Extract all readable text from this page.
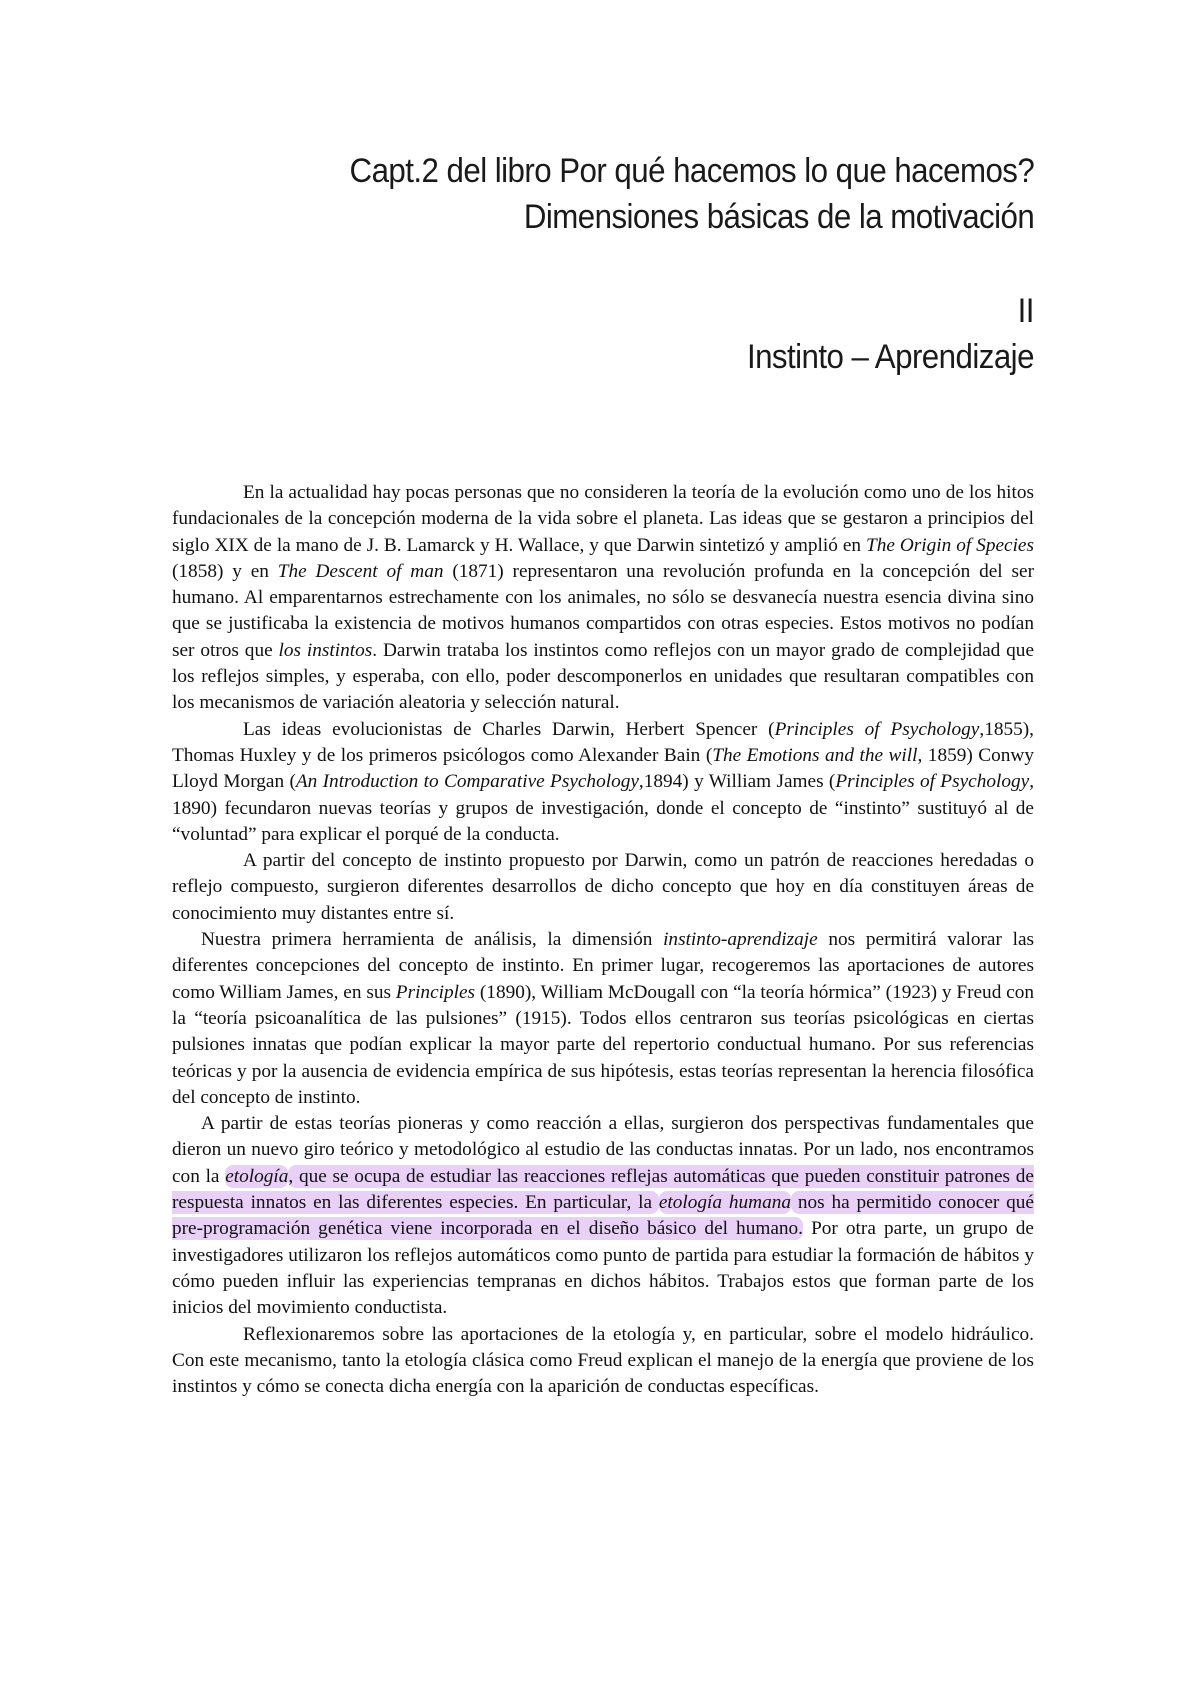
Capt.2 del libro Por qué hacemos lo que hacemos?
Dimensiones básicas de la motivación
II
Instinto – Aprendizaje

En la actualidad hay pocas personas que no consideren la teoría de la evolución como uno de los hitos fundacionales de la concepción moderna de la vida sobre el planeta. Las ideas que se gestaron a principios del siglo XIX de la mano de J. B. Lamarck y H. Wallace, y que Darwin sintetizó y amplió en The Origin of Species (1858) y en The Descent of man (1871) representaron una revolución profunda en la concepción del ser humano. Al emparentarnos estrechamente con los animales, no sólo se desvanecía nuestra esencia divina sino que se justificaba la existencia de motivos humanos compartidos con otras especies. Estos motivos no podían ser otros que los instintos. Darwin trataba los instintos como reflejos con un mayor grado de complejidad que los reflejos simples, y esperaba, con ello, poder descomponerlos en unidades que resultaran compatibles con los mecanismos de variación aleatoria y selección natural.

Las ideas evolucionistas de Charles Darwin, Herbert Spencer (Principles of Psychology,1855), Thomas Huxley y de los primeros psicólogos como Alexander Bain (The Emotions and the will, 1859) Conwy Lloyd Morgan (An Introduction to Comparative Psychology,1894) y William James (Principles of Psychology, 1890) fecundaron nuevas teorías y grupos de investigación, donde el concepto de “instinto” sustituyó al de “voluntad” para explicar el porqué de la conducta.

A partir del concepto de instinto propuesto por Darwin, como un patrón de reacciones heredadas o reflejo compuesto, surgieron diferentes desarrollos de dicho concepto que hoy en día constituyen áreas de conocimiento muy distantes entre sí.

Nuestra primera herramienta de análisis, la dimensión instinto-aprendizaje nos permitirá valorar las diferentes concepciones del concepto de instinto. En primer lugar, recogeremos las aportaciones de autores como William James, en sus Principles (1890), William McDougall con “la teoría hórmica” (1923) y Freud con la “teoría psicoanalítica de las pulsiones” (1915). Todos ellos centraron sus teorías psicológicas en ciertas pulsiones innatas que podían explicar la mayor parte del repertorio conductual humano. Por sus referencias teóricas y por la ausencia de evidencia empírica de sus hipótesis, estas teorías representan la herencia filosófica del concepto de instinto.

A partir de estas teorías pioneras y como reacción a ellas, surgieron dos perspectivas fundamentales que dieron un nuevo giro teórico y metodológico al estudio de las conductas innatas. Por un lado, nos encontramos con la etología, que se ocupa de estudiar las reacciones reflejas automáticas que pueden constituir patrones de respuesta innatos en las diferentes especies. En particular, la etología humana nos ha permitido conocer qué pre-programación genética viene incorporada en el diseño básico del humano. Por otra parte, un grupo de investigadores utilizaron los reflejos automáticos como punto de partida para estudiar la formación de hábitos y cómo pueden influir las experiencias tempranas en dichos hábitos. Trabajos estos que forman parte de los inicios del movimiento conductista.

Reflexionaremos sobre las aportaciones de la etología y, en particular, sobre el modelo hidráulico. Con este mecanismo, tanto la etología clásica como Freud explican el manejo de la energía que proviene de los instintos y cómo se conecta dicha energía con la aparición de conductas específicas.
